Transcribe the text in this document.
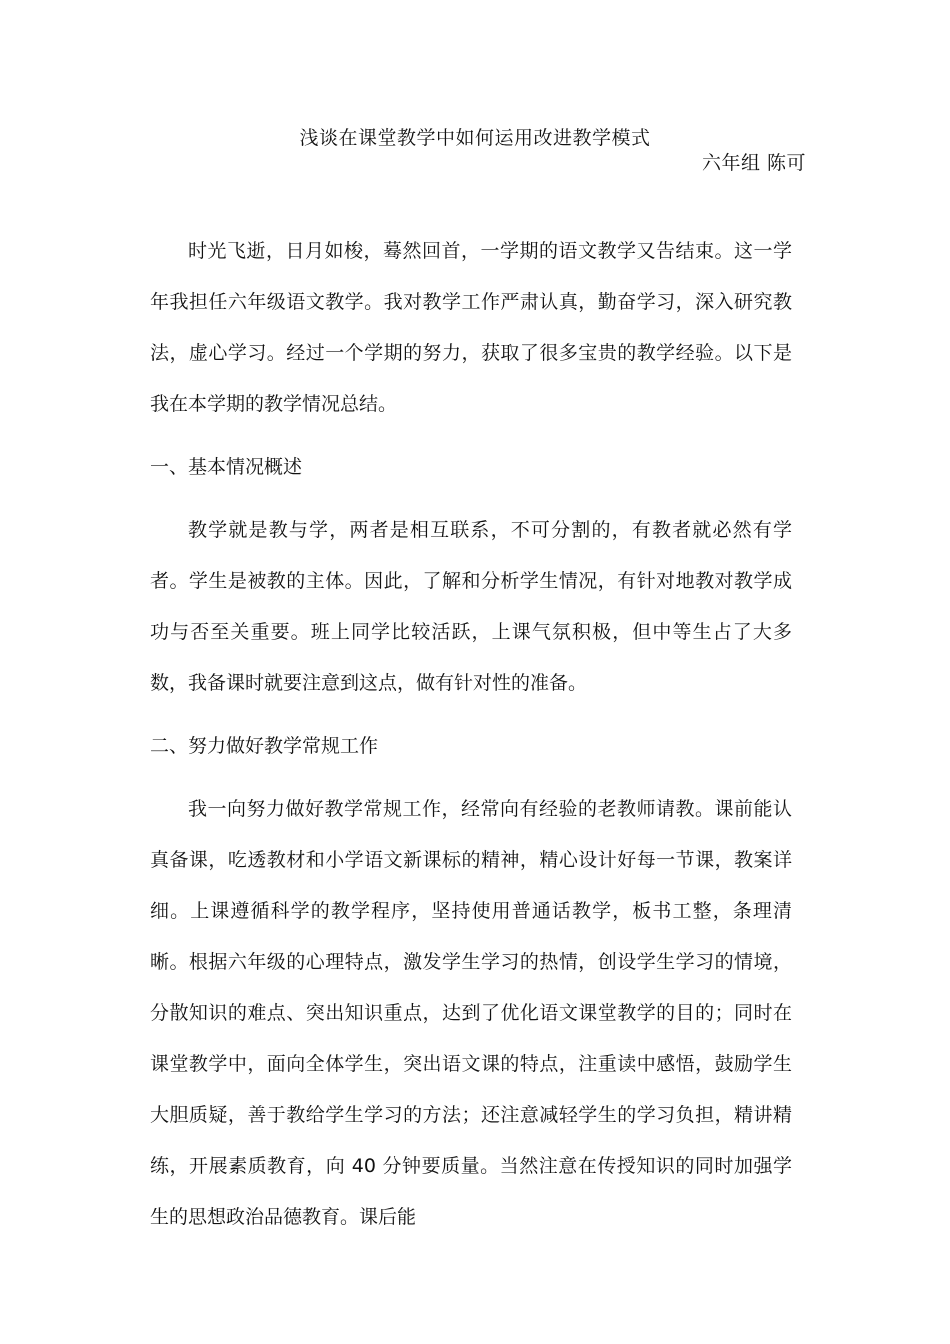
浅谈在课堂教学中如何运用改进教学模式
六年组 陈可

时光飞逝，日月如梭，蓦然回首，一学期的语文教学又告结束。这一学年我担任六年级语文教学。我对教学工作严肃认真，勤奋学习，深入研究教法，虚心学习。经过一个学期的努力，获取了很多宝贵的教学经验。以下是我在本学期的教学情况总结。

一、基本情况概述

教学就是教与学，两者是相互联系，不可分割的，有教者就必然有学者。学生是被教的主体。因此，了解和分析学生情况，有针对地教对教学成功与否至关重要。班上同学比较活跃，上课气氛积极，但中等生占了大多数，我备课时就要注意到这点，做有针对性的准备。

二、努力做好教学常规工作

我一向努力做好教学常规工作，经常向有经验的老教师请教。课前能认真备课，吃透教材和小学语文新课标的精神，精心设计好每一节课，教案详细。上课遵循科学的教学程序，坚持使用普通话教学，板书工整，条理清晰。根据六年级的心理特点，激发学生学习的热情，创设学生学习的情境，分散知识的难点、突出知识重点，达到了优化语文课堂教学的目的；同时在课堂教学中，面向全体学生，突出语文课的特点，注重读中感悟，鼓励学生大胆质疑，善于教给学生学习的方法；还注意减轻学生的学习负担，精讲精练，开展素质教育，向 40 分钟要质量。当然注意在传授知识的同时加强学生的思想政治品德教育。课后能
